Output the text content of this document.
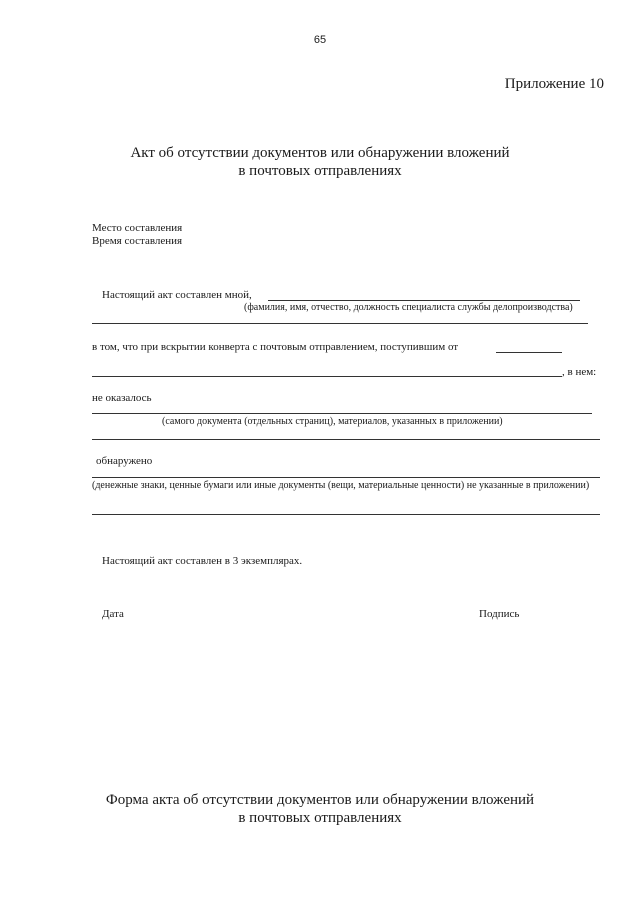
65
Приложение 10
Акт об отсутствии документов или обнаружении вложений
в почтовых отправлениях
Место составления
Время составления
Настоящий акт составлен мной,
(фамилия, имя, отчество, должность специалиста службы делопроизводства)
в том, что при вскрытии конверта с почтовым отправлением, поступившим от
, в нем:
не оказалось
(самого документа (отдельных страниц), материалов, указанных в приложении)
обнаружено
(денежные знаки, ценные бумаги или иные документы (вещи, материальные ценности) не указанные в приложении)
Настоящий акт составлен в 3 экземплярах.
Дата	Подпись
Форма акта об отсутствии документов или обнаружении вложений
в почтовых отправлениях
